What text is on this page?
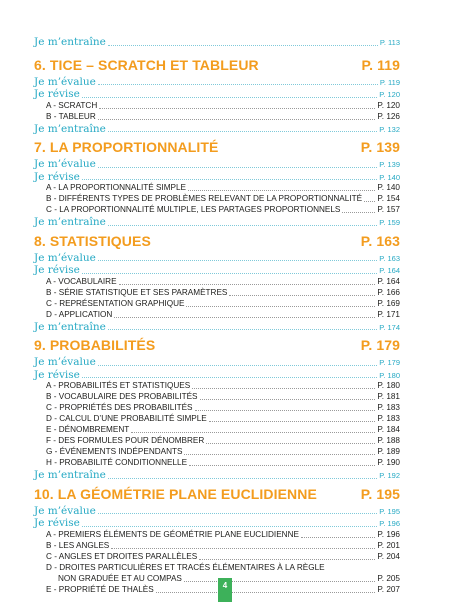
Je m’entraîne	P. 113
6. TICE – SCRATCH ET TABLEUR	P. 119
Je m’évalue	P. 119
Je révise	P. 120
A - SCRATCH	P. 120
B - TABLEUR	P. 126
Je m’entraîne	P. 132
7. LA PROPORTIONNALITÉ	P. 139
Je m’évalue	P. 139
Je révise	P. 140
A - LA PROPORTIONNALITÉ SIMPLE	P. 140
B - DIFFÉRENTS TYPES DE PROBLÈMES RELEVANT DE LA PROPORTIONNALITÉ P. 154
C - LA PROPORTIONNALITÉ MULTIPLE, LES PARTAGES PROPORTIONNELS	P. 157
Je m’entraîne	P. 159
8. STATISTIQUES	P. 163
Je m’évalue	P. 163
Je révise	P. 164
A - VOCABULAIRE	P. 164
B - SÉRIE STATISTIQUE ET SES PARAMÈTRES	P. 166
C - REPRÉSENTATION GRAPHIQUE	P. 169
D - APPLICATION	P. 171
Je m’entraîne	P. 174
9. PROBABILITÉS	P. 179
Je m’évalue	P. 179
Je révise	P. 180
A - PROBABILITÉS ET STATISTIQUES	P. 180
B - VOCABULAIRE DES PROBABILITÉS	P. 181
C - PROPRIÉTÉS DES PROBABILITÉS	P. 183
D - CALCUL D’UNE PROBABILITÉ SIMPLE	P. 183
E - DÉNOMBREMENT	P. 184
F - DES FORMULES POUR DÉNOMBRER	P. 188
G - ÉVÉNEMENTS INDÉPENDANTS	P. 189
H - PROBABILITÉ CONDITIONNELLE	P. 190
Je m’entraîne	P. 192
10. LA GÉOMÉTRIE PLANE EUCLIDIENNE	P. 195
Je m’évalue	P. 195
Je révise	P. 196
A - PREMIERS ÉLÉMENTS DE GÉOMÉTRIE PLANE EUCLIDIENNE	P. 196
B - LES ANGLES	P. 201
C - ANGLES ET DROITES PARALLÈLES	P. 204
D - DROITES PARTICULIÈRES ET TRACÉS ÉLÉMENTAIRES À LA RÈGLE
NON GRADUÉE ET AU COMPAS	P. 205
E - PROPRIÉTÉ DE THALÈS	P. 207
4
